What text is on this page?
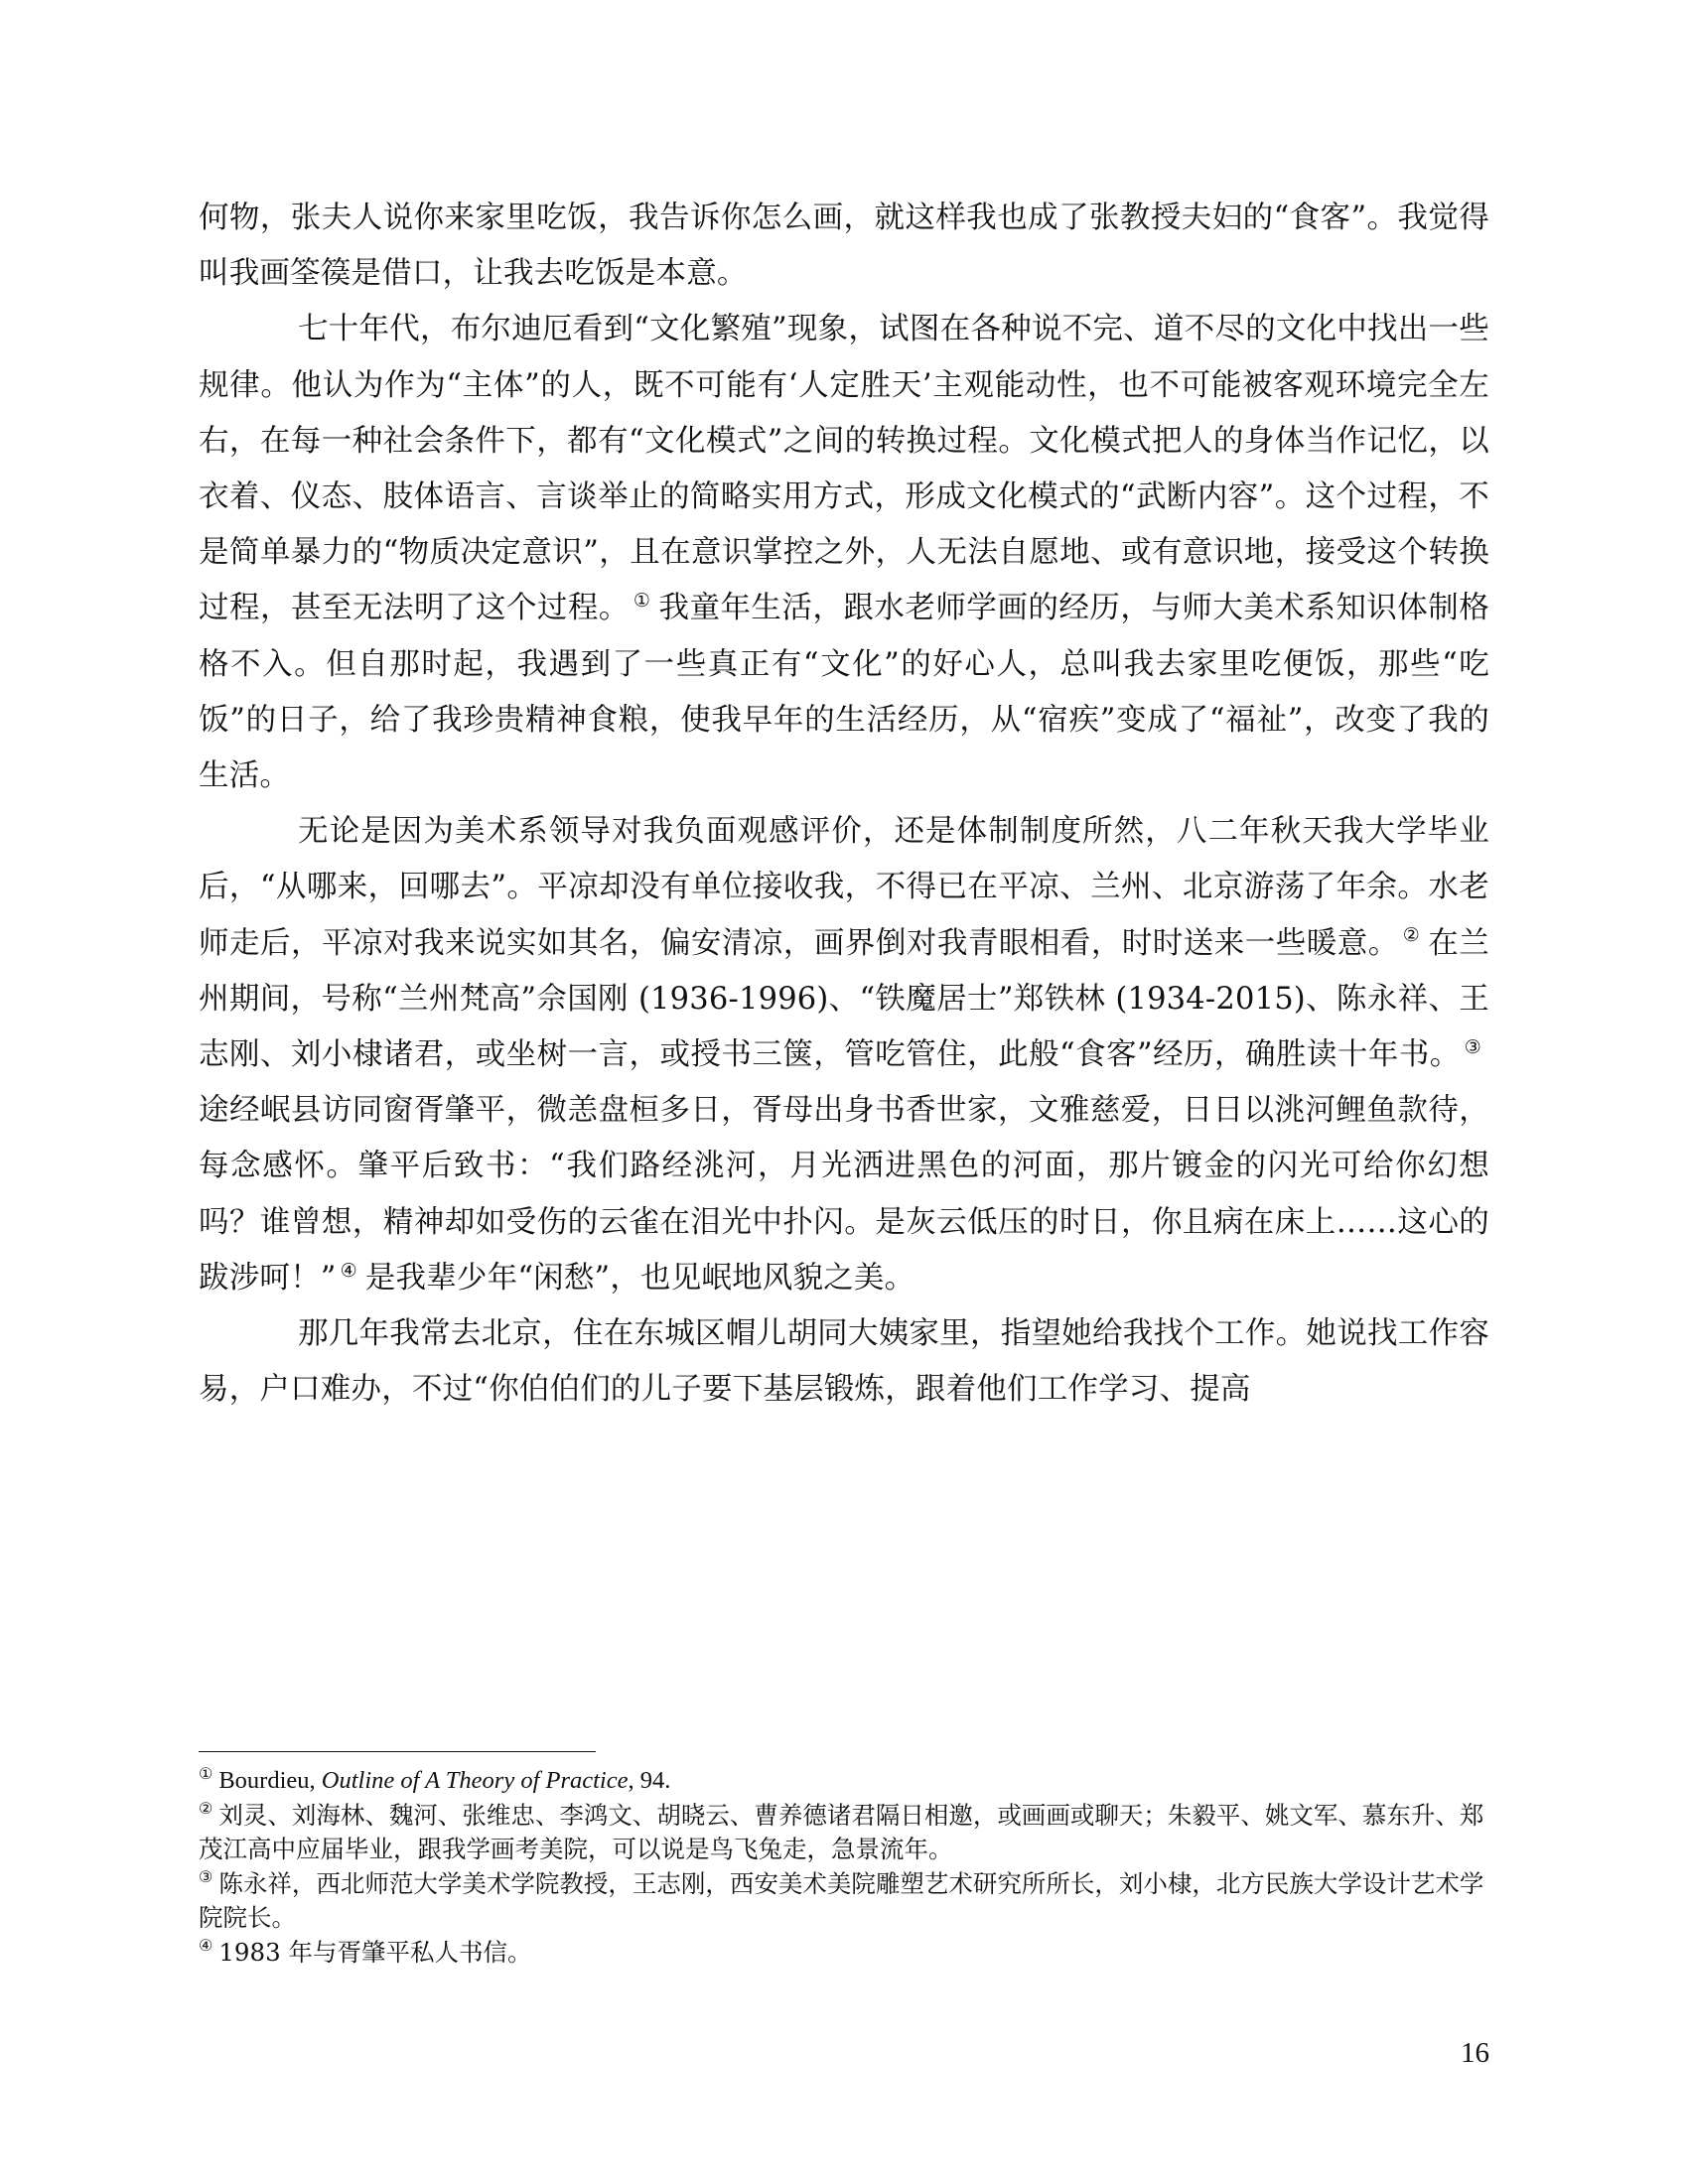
何物，张夫人说你来家里吃饭，我告诉你怎么画，就这样我也成了张教授夫妇的“食客”。我觉得叫我画筌篌是借口，让我去吃饭是本意。

七十年代，布尔迪厄看到“文化繁殖”现象，试图在各种说不完、道不尽的文化中找出一些规律。他认为作为“主体”的人，既不可能有‘人定胜天’主观能动性，也不可能被客观环境完全左右，在每一种社会条件下，都有“文化模式”之间的转换过程。文化模式把人的身体当作记忆，以衣着、仪态、肢体语言、言谈举止的简略实用方式，形成文化模式的“武断内容”。这个过程，不是简单暴力的“物质决定意识”，且在意识掌控之外，人无法自愿地、或有意识地，接受这个转换过程，甚至无法明了这个过程。 ① 我童年生活，跟水老师学画的经历，与师大美术系知识体制格格不入。但自那时起，我遇到了一些真正有“文化”的好心人，总叫我去家里吃便饭，那些“吃饭”的日子，给了我珍贵精神食粮，使我早年的生活经历，从“宿疾”变成了“福祉”，改变了我的生活。

无论是因为美术系领导对我负面观感评价，还是体制制度所然，八二年秋天我大学毕业后，“从哪来，回哪去”。平凉却没有单位接收我，不得已在平凉、兰州、北京游荡了年余。水老师走后，平凉对我来说实如其名，偏安清凉，画界倒对我青眼相看，时时送来一些暖意。 ② 在兰州期间，号称“兰州梵高”佘国刚 (1936-1996)、“铁魔居士”郑铁林 (1934-2015)、陈永祥、王志刚、刘小棣诸君，或坐树一言，或授书三箧，管吃管住，此般“食客”经历，确胜读十年书。 ③途经岷县访同窗胥肇平，微恙盘桓多日，胥母出身书香世家，文雅慈爱，日日以洮河鲤鱼款待，每念感怀。肇平后致书：“我们路经洮河，月光洒进黑色的河面，那片镀金的闪光可给你幻想吗？谁曾想，精神却如受伤的云雀在泪光中扑闪。是灰云低压的时日，你且病在床上……这心的跋涉呵！” ④ 是我辈少年“闲愁”，也见岷地风貌之美。

那几年我常去北京，住在东城区帽儿胡同大姨家里，指望她给我找个工作。她说找工作容易，户口难办，不过“你伯伯们的儿子要下基层锻炼，跟着他们工作学习、提高

① Bourdieu, Outline of A Theory of Practice, 94.

② 刘灵、刘海林、魏河、张维忠、李鸿文、胡晓云、曹养德诸君隔日相邀，或画画或聊天；朱毅平、姚文军、慕东升、郑茂江高中应届毕业，跟我学画考美院，可以说是鸟飞兔走，急景流年。

③ 陈永祥，西北师范大学美术学院教授，王志刚，西安美术美院雕塑艺术研究所所长，刘小棣，北方民族大学设计艺术学院院长。

④ 1983 年与胥肇平私人书信。

16
